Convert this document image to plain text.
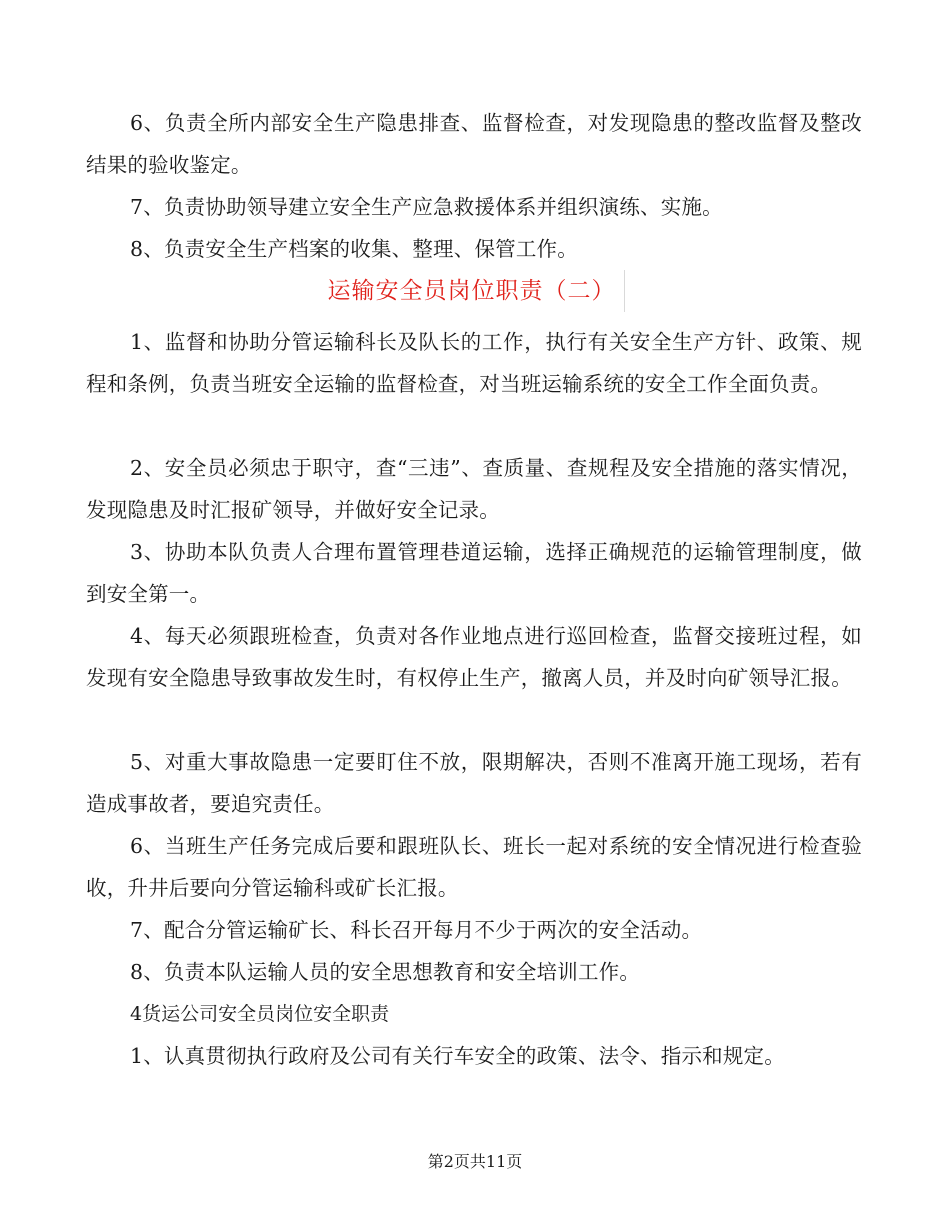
6、负责全所内部安全生产隐患排查、监督检查，对发现隐患的整改监督及整改结果的验收鉴定。

7、负责协助领导建立安全生产应急救援体系并组织演练、实施。

8、负责安全生产档案的收集、整理、保管工作。

运输安全员岗位职责（二）

1、监督和协助分管运输科长及队长的工作，执行有关安全生产方针、政策、规程和条例，负责当班安全运输的监督检查，对当班运输系统的安全工作全面负责。

2、安全员必须忠于职守，查“三违”、查质量、查规程及安全措施的落实情况，发现隐患及时汇报矿领导，并做好安全记录。

3、协助本队负责人合理布置管理巷道运输，选择正确规范的运输管理制度，做到安全第一。

4、每天必须跟班检查，负责对各作业地点进行巡回检查，监督交接班过程，如发现有安全隐患导致事故发生时，有权停止生产，撤离人员，并及时向矿领导汇报。

5、对重大事故隐患一定要盯住不放，限期解决，否则不准离开施工现场，若有造成事故者，要追究责任。

6、当班生产任务完成后要和跟班队长、班长一起对系统的安全情况进行检查验收，升井后要向分管运输科或矿长汇报。

7、配合分管运输矿长、科长召开每月不少于两次的安全活动。

8、负责本队运输人员的安全思想教育和安全培训工作。

4货运公司安全员岗位安全职责

1、认真贯彻执行政府及公司有关行车安全的政策、法令、指示和规定。

第2页共11页
